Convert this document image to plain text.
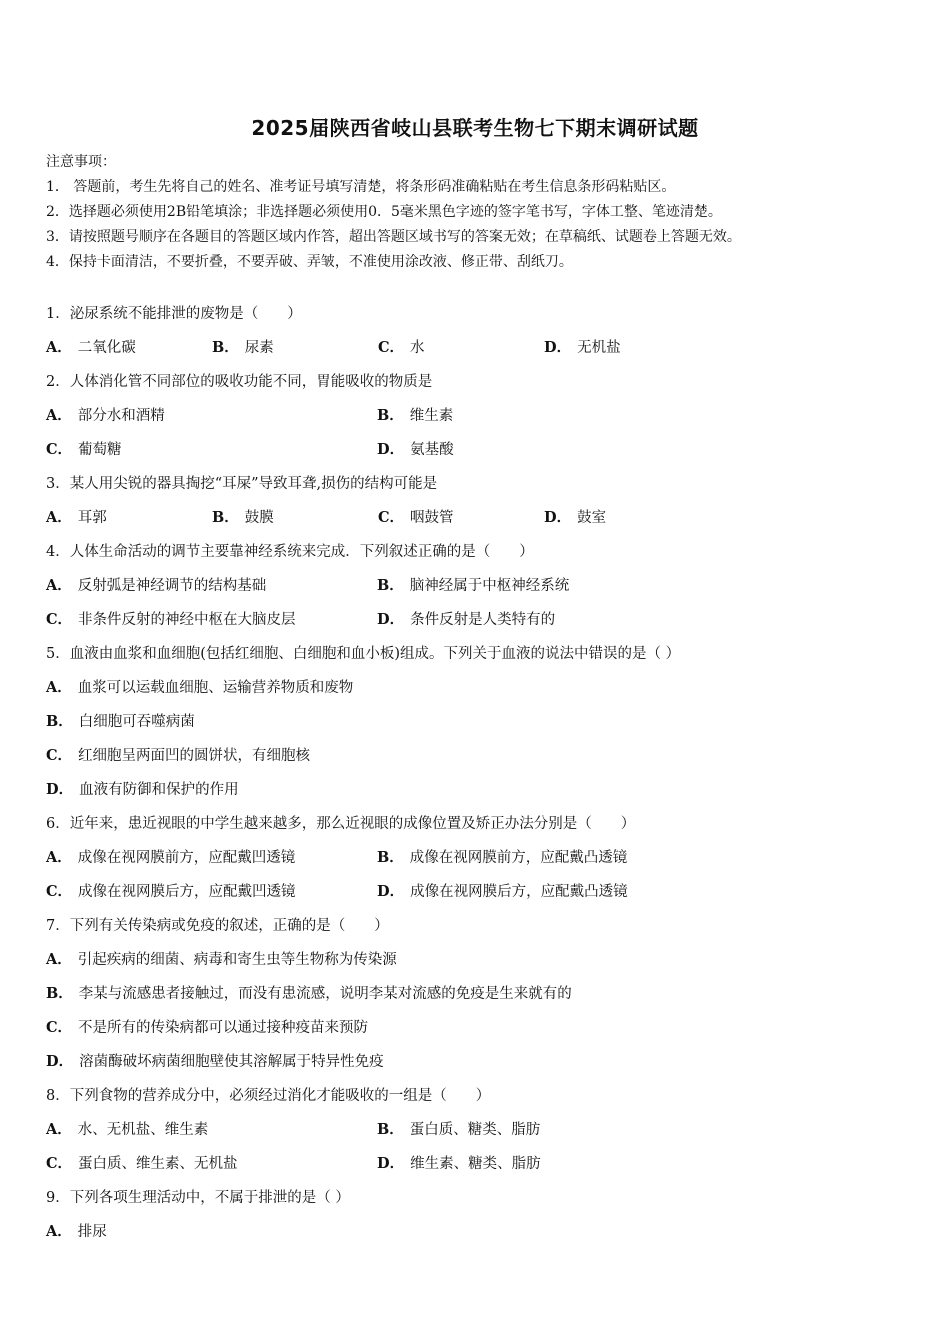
2025届陕西省岐山县联考生物七下期末调研试题
注意事项：
1． 答题前，考生先将自己的姓名、准考证号填写清楚，将条形码准确粘贴在考生信息条形码粘贴区。
2．选择题必须使用2B铅笔填涂；非选择题必须使用0．5毫米黑色字迹的签字笔书写，字体工整、笔迹清楚。
3．请按照题号顺序在各题目的答题区域内作答，超出答题区域书写的答案无效；在草稿纸、试题卷上答题无效。
4．保持卡面清洁，不要折叠，不要弄破、弄皱，不准使用涂改液、修正带、刮纸刀。
1．泌尿系统不能排泄的废物是（　　）
A． 二氧化碳	B． 尿素	C． 水	D． 无机盐
2．人体消化管不同部位的吸收功能不同，胃能吸收的物质是
A． 部分水和酒精	B． 维生素
C． 葡萄糖	D． 氨基酸
3．某人用尖锐的器具掏挖“耳屎”导致耳聋,损伤的结构可能是
A． 耳郭	B． 鼓膜	C． 咽鼓管	D． 鼓室
4．人体生命活动的调节主要靠神经系统来完成．下列叙述正确的是（　　）
A． 反射弧是神经调节的结构基础	B． 脑神经属于中枢神经系统
C． 非条件反射的神经中枢在大脑皮层	D． 条件反射是人类特有的
5．血液由血浆和血细胞(包括红细胞、白细胞和血小板)组成。下列关于血液的说法中错误的是（ ）
A． 血浆可以运载血细胞、运输营养物质和废物
B． 白细胞可吞噬病菌
C． 红细胞呈两面凹的圆饼状，有细胞核
D． 血液有防御和保护的作用
6．近年来，患近视眼的中学生越来越多，那么近视眼的成像位置及矫正办法分别是（　　）
A． 成像在视网膜前方，应配戴凹透镜	B． 成像在视网膜前方，应配戴凸透镜
C． 成像在视网膜后方，应配戴凹透镜	D． 成像在视网膜后方，应配戴凸透镜
7．下列有关传染病或免疫的叙述，正确的是（　　）
A． 引起疾病的细菌、病毒和寄生虫等生物称为传染源
B． 李某与流感患者接触过，而没有患流感，说明李某对流感的免疫是生来就有的
C． 不是所有的传染病都可以通过接种疫苗来预防
D． 溶菌酶破坏病菌细胞壁使其溶解属于特异性免疫
8．下列食物的营养成分中，必须经过消化才能吸收的一组是（　　）
A． 水、无机盐、维生素	B． 蛋白质、糖类、脂肪
C． 蛋白质、维生素、无机盐	D． 维生素、糖类、脂肪
9．下列各项生理活动中，不属于排泄的是（ ）
A． 排尿
